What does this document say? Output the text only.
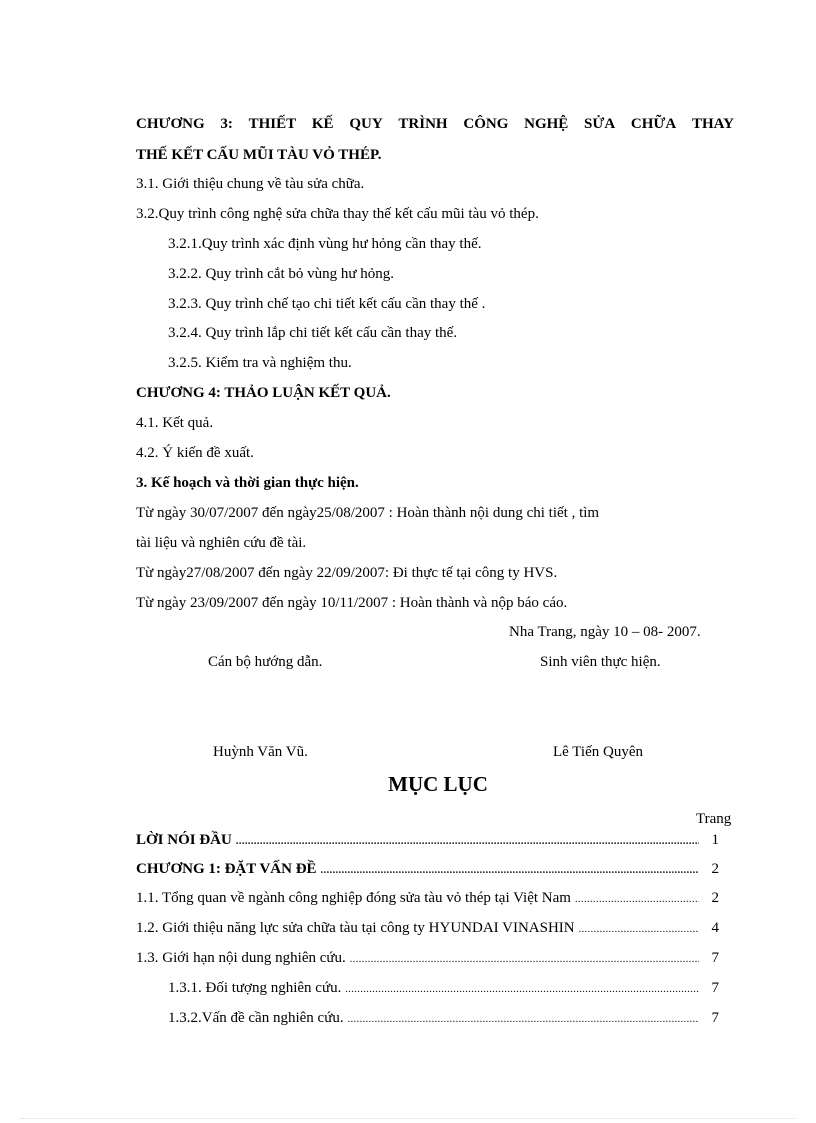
CHƯƠNG 3: THIẾT KẾ QUY TRÌNH CÔNG NGHỆ SỬA CHỮA THAY
THẾ KẾT CẤU MŨI TÀU VỎ THÉP.
3.1. Giới thiệu chung về tàu sửa chữa.
3.2.Quy trình công nghệ sửa chữa thay thế kết cấu mũi tàu vỏ thép.
3.2.1.Quy trình xác định vùng hư hỏng cần thay thế.
3.2.2. Quy trình cắt bỏ vùng hư hỏng.
3.2.3. Quy trình chế tạo chi tiết kết cấu cần thay thế .
3.2.4. Quy trình lắp chi tiết kết cấu cần thay thế.
3.2.5. Kiểm tra và nghiệm thu.
CHƯƠNG 4: THẢO LUẬN KẾT QUẢ.
4.1. Kết quả.
4.2. Ý kiến đề xuất.
3. Kế hoạch và thời gian thực hiện.
Từ ngày 30/07/2007 đến ngày25/08/2007 : Hoàn thành nội dung chi tiết , tìm
tài liệu và nghiên cứu đề tài.
Từ ngày27/08/2007 đến ngày 22/09/2007: Đi thực tế tại công ty HVS.
Từ ngày 23/09/2007 đến ngày 10/11/2007 : Hoàn thành và nộp báo cáo.
Nha Trang, ngày 10 – 08- 2007.
Cán bộ hướng dẫn.	Sinh viên thực hiện.
Huỳnh Văn Vũ.	Lê Tiến Quyên
MỤC LỤC
Trang
LỜI NÓI ĐẦU .....	1
CHƯƠNG 1: ĐẶT VẤN ĐỀ .....	2
1.1. Tổng quan về ngành công nghiệp đóng sửa tàu vỏ thép tại Việt Nam .....	2
1.2. Giới thiệu năng lực sửa chữa tàu tại công ty HYUNDAI VINASHIN .....	4
1.3. Giới hạn nội dung nghiên cứu. .....	7
1.3.1. Đối tượng nghiên cứu. .....	7
1.3.2.Vấn đề cần nghiên cứu. .....	7
